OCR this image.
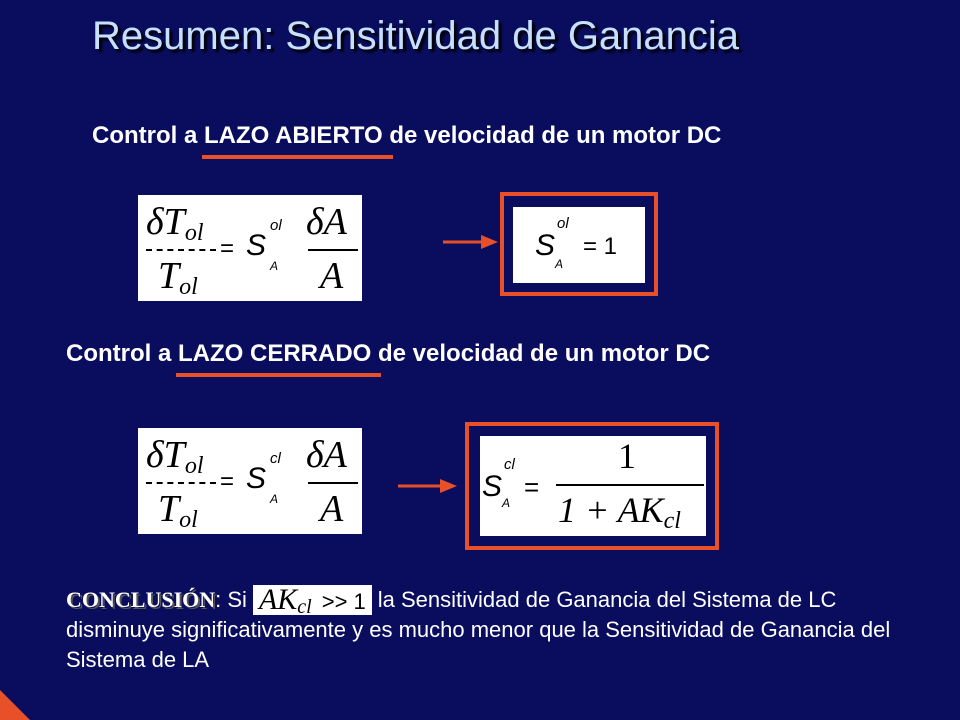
Resumen: Sensitividad de Ganancia
Control a LAZO ABIERTO de velocidad de un motor DC
$\delta T_{ol}$
$T_{ol}$
= S
ol
A
δA
A
S
ol
A
= 1
Control a LAZO CERRADO de velocidad de un motor DC
$\delta T_{ol}$
$T_{ol}$
= S
cl
A
δA
A
S
cl
A
=
1
$1 + AK_{cl}$
CONCLUSIÓN: Si AKcl >> 1 la Sensitividad de Ganancia del Sistema de LC disminuye significativamente y es mucho menor que la Sensitividad de Ganancia del Sistema de LA
